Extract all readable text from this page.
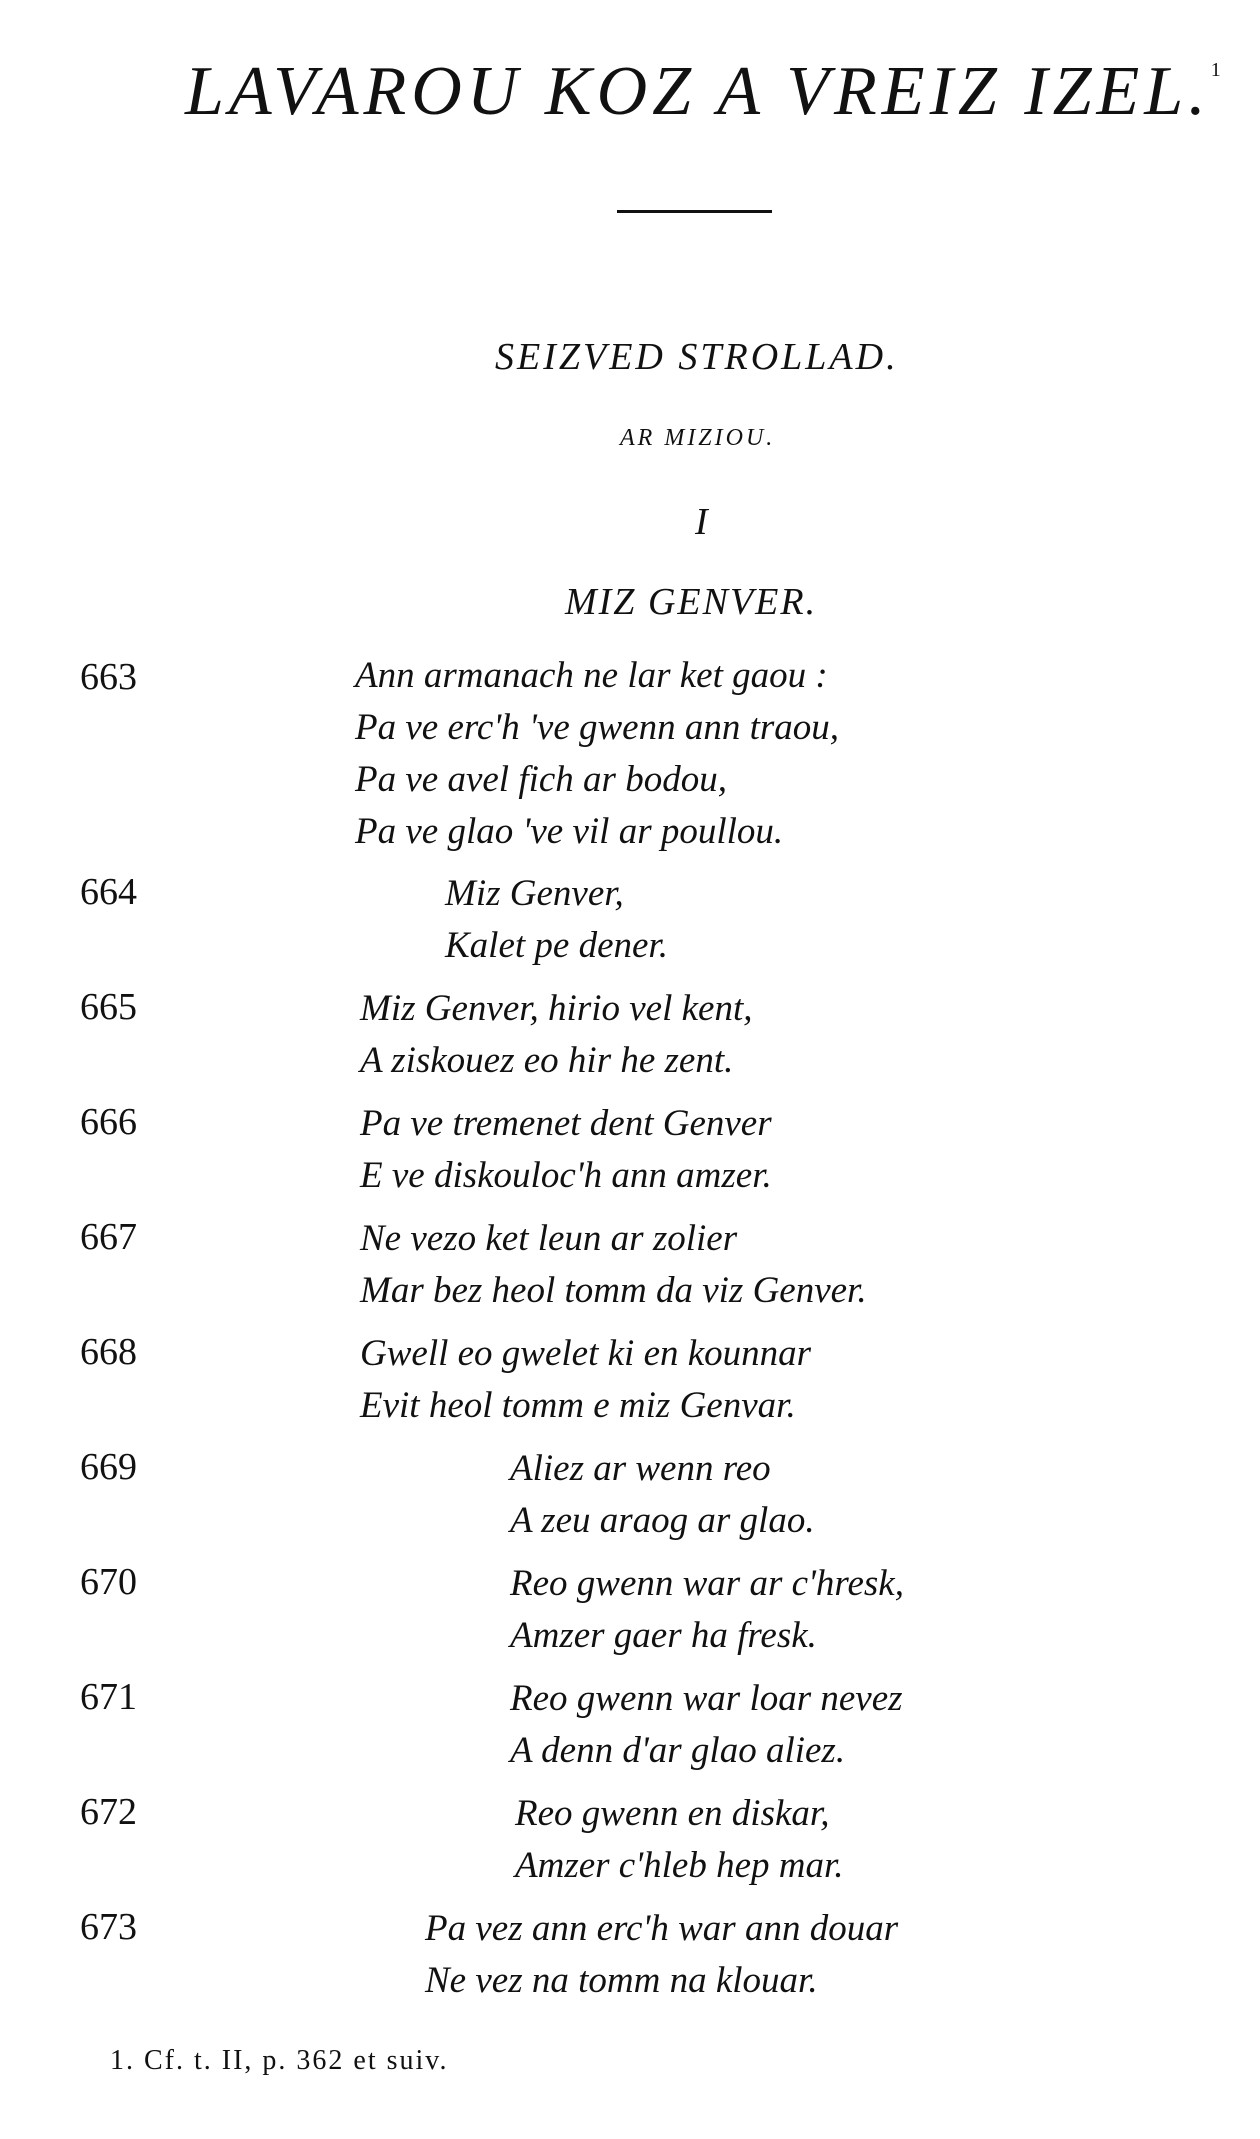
LAVAROU KOZ A VREIZ IZEL.$^1$
SEIZVED STROLLAD.
AR MIZIOU.
I
MIZ GENVER.
663	Ann armanach ne lar ket gaou :
Pa ve erc'h 've gwenn ann traou,
Pa ve avel fich ar bodou,
Pa ve glao 've vil ar poullou.
664	Miz Genver,
Kalet pe dener.
665	Miz Genver, hirio vel kent,
A ziskouez eo hir he zent.
666	Pa ve tremenet dent Genver
E ve diskouloc'h ann amzer.
667	Ne vezo ket leun ar zolier
Mar bez heol tomm da viz Genver.
668	Gwell eo gwelet ki en kounnar
Evit heol tomm e miz Genvar.
669	Aliez ar wenn reo
A zeu araog ar glao.
670	Reo gwenn war ar c'hresk,
Amzer gaer ha fresk.
671	Reo gwenn war loar nevez
A denn d'ar glao aliez.
672	Reo gwenn en diskar,
Amzer c'hleb hep mar.
673	Pa vez ann erc'h war ann douar
Ne vez na tomm na klouar.
1. Cf. t. II, p. 362 et suiv.
